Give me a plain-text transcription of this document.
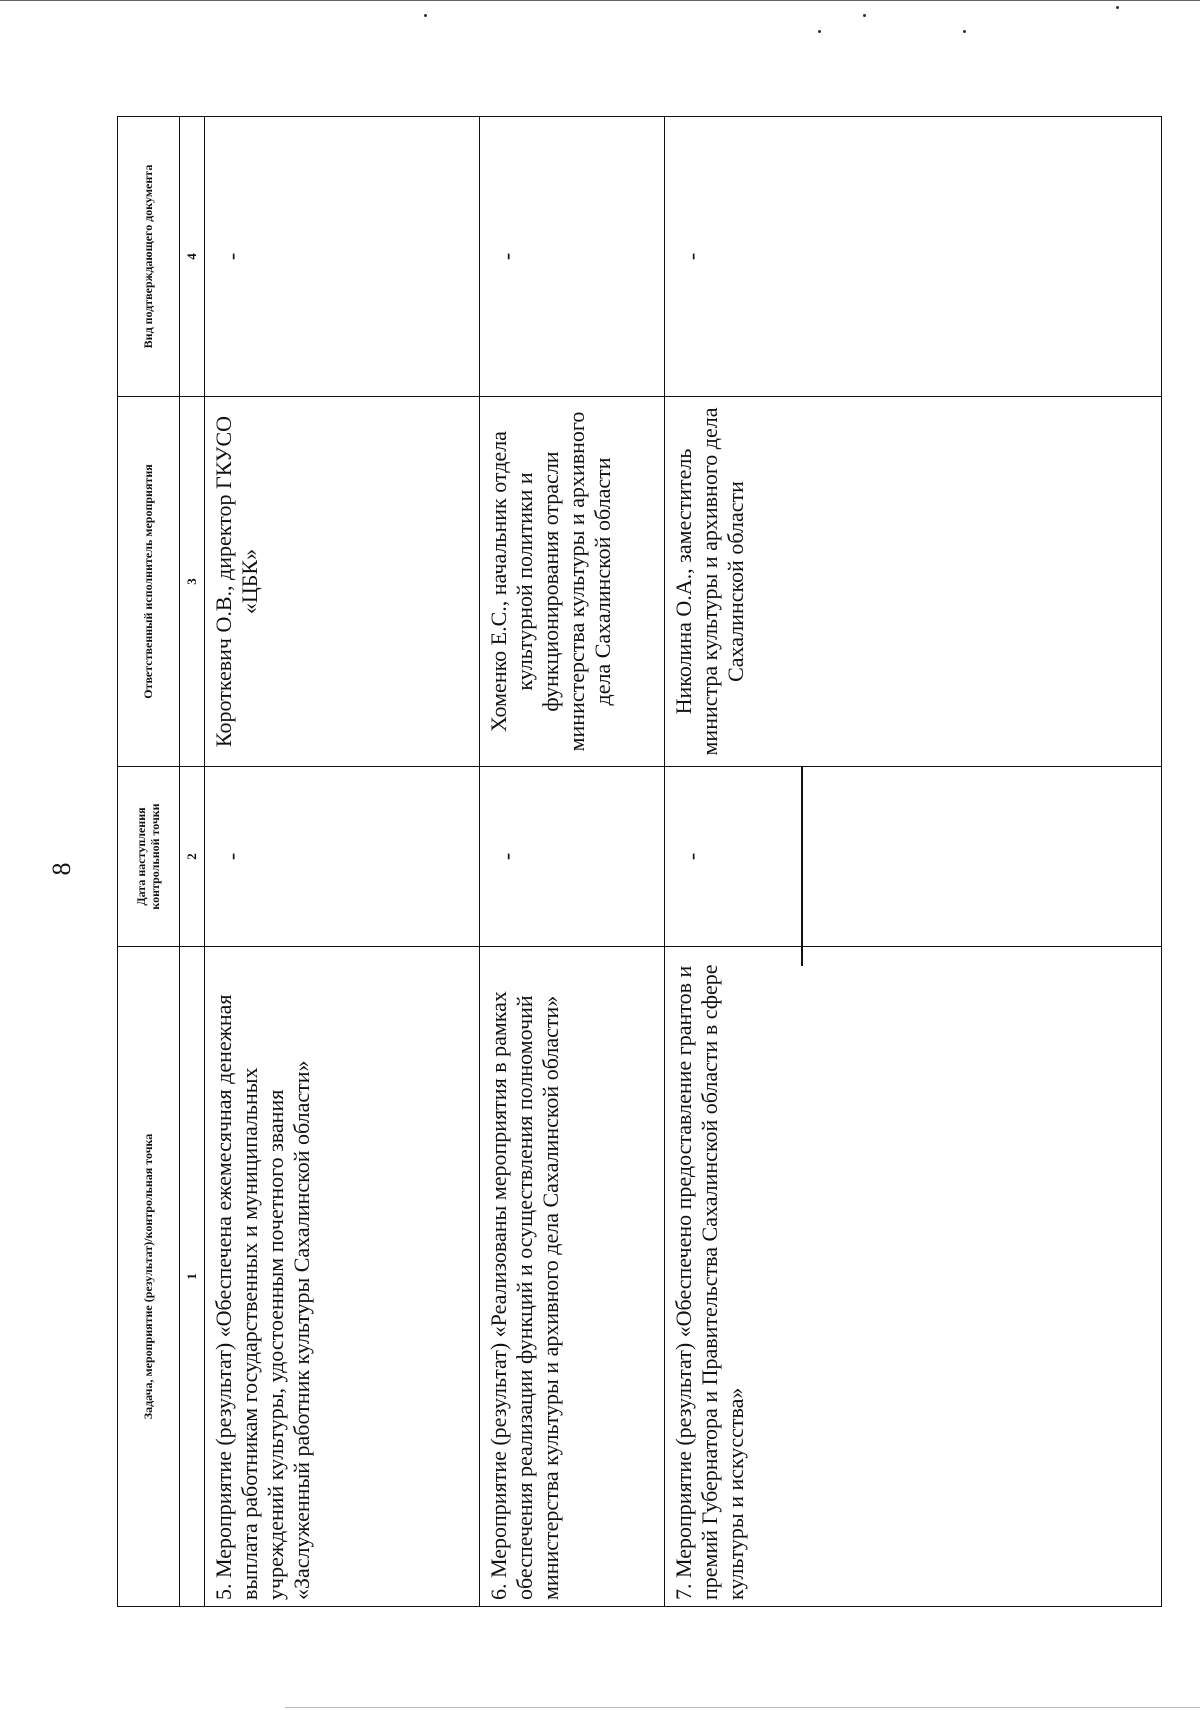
8
Задача, мероприятие (результат)/контрольная точка	Дата наступления контрольной точки	Ответственный исполнитель мероприятия	Вид подтверждающего документа
1	2	3	4
5. Мероприятие (результат) «Обеспечена ежемесячная денежная выплата работникам государственных и муниципальных учреждений культуры, удостоенным почетного звания «Заслуженный работник культуры Сахалинской области»	-	Короткевич О.В., директор ГКУСО «ЦБК»	-
6. Мероприятие (результат) «Реализованы мероприятия в рамках обеспечения реализации функций и осуществления полномочий министерства культуры и архивного дела Сахалинской области»	-	Хоменко Е.С., начальник отдела культурной политики и функционирования отрасли министерства культуры и архивного дела Сахалинской области	-
7. Мероприятие (результат) «Обеспечено предоставление грантов и премий Губернатора и Правительства Сахалинской области в сфере культуры и искусства»	-	Николина О.А., заместитель министра культуры и архивного дела Сахалинской области	-
